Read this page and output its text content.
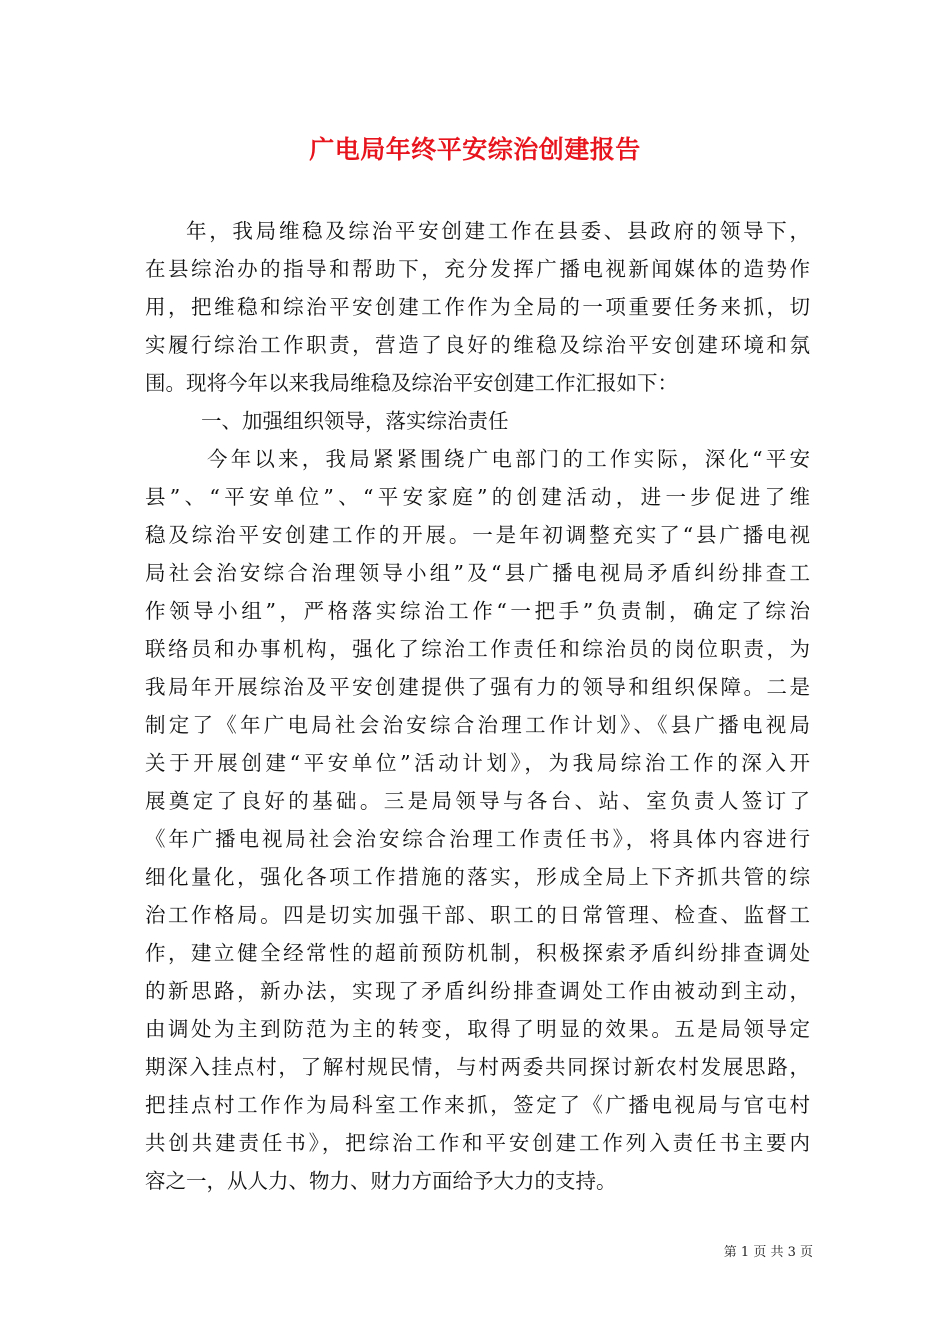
广电局年终平安综治创建报告
年，我局维稳及综治平安创建工作在县委、县政府的领导下，
在县综治办的指导和帮助下，充分发挥广播电视新闻媒体的造势作
用，把维稳和综治平安创建工作作为全局的一项重要任务来抓，切
实履行综治工作职责，营造了良好的维稳及综治平安创建环境和氛
围。现将今年以来我局维稳及综治平安创建工作汇报如下：
一、加强组织领导，落实综治责任
今年以来，我局紧紧围绕广电部门的工作实际，深化“平安
县”、“平安单位”、“平安家庭”的创建活动，进一步促进了维
稳及综治平安创建工作的开展。一是年初调整充实了“县广播电视
局社会治安综合治理领导小组”及“县广播电视局矛盾纠纷排查工
作领导小组”，严格落实综治工作“一把手”负责制，确定了综治
联络员和办事机构，强化了综治工作责任和综治员的岗位职责，为
我局年开展综治及平安创建提供了强有力的领导和组织保障。二是
制定了《年广电局社会治安综合治理工作计划》、《县广播电视局
关于开展创建“平安单位”活动计划》，为我局综治工作的深入开
展奠定了良好的基础。三是局领导与各台、站、室负责人签订了
《年广播电视局社会治安综合治理工作责任书》，将具体内容进行
细化量化，强化各项工作措施的落实，形成全局上下齐抓共管的综
治工作格局。四是切实加强干部、职工的日常管理、检查、监督工
作，建立健全经常性的超前预防机制，积极探索矛盾纠纷排查调处
的新思路，新办法，实现了矛盾纠纷排查调处工作由被动到主动，
由调处为主到防范为主的转变，取得了明显的效果。五是局领导定
期深入挂点村，了解村规民情，与村两委共同探讨新农村发展思路，
把挂点村工作作为局科室工作来抓，签定了《广播电视局与官屯村
共创共建责任书》，把综治工作和平安创建工作列入责任书主要内
容之一，从人力、物力、财力方面给予大力的支持。
第 1 页 共 3 页
